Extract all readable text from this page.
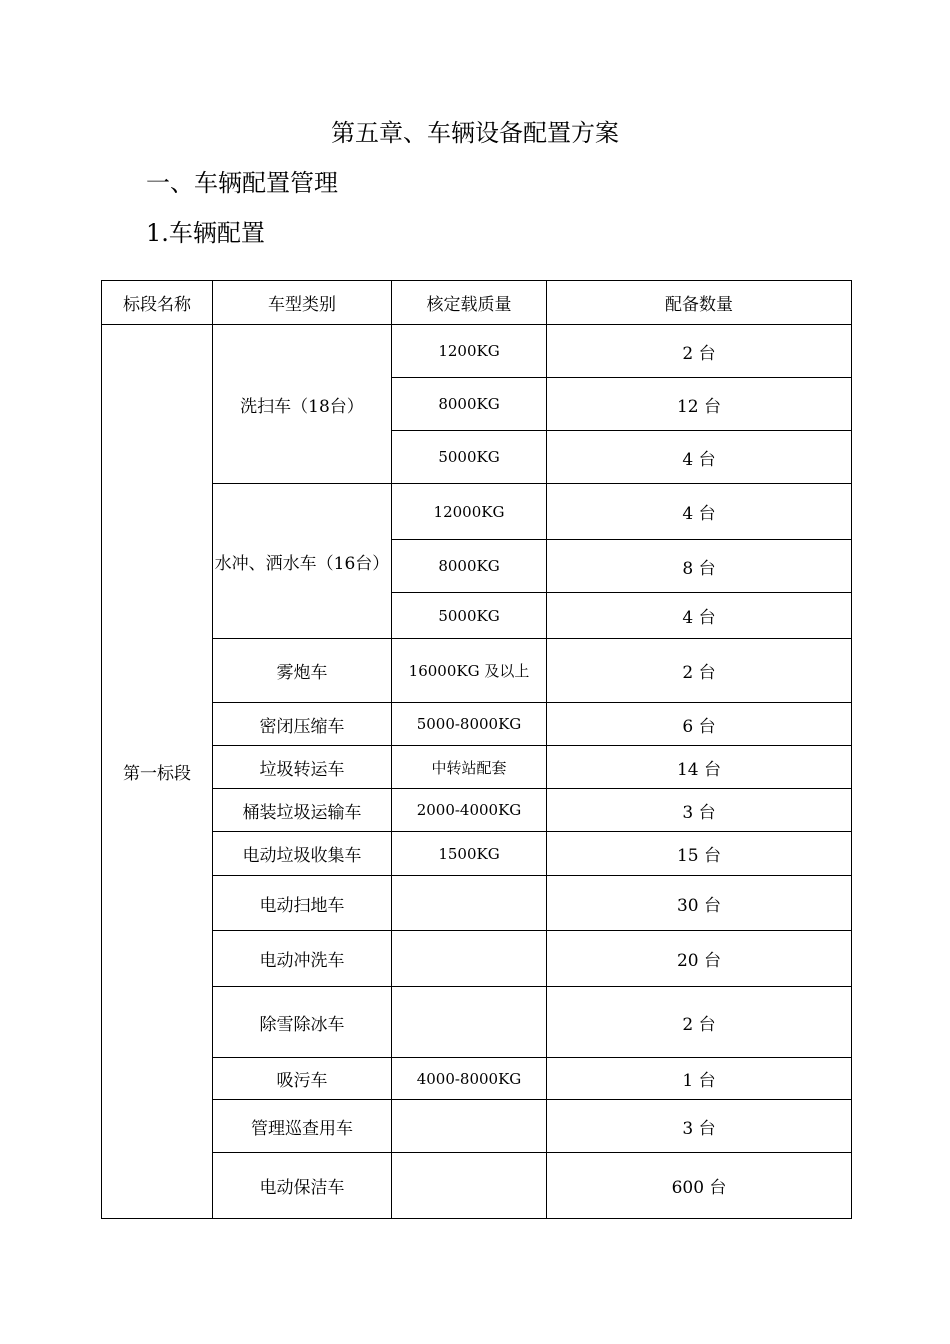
第五章、车辆设备配置方案
一、车辆配置管理
1.车辆配置
标段名称	车型类别	核定载质量	配备数量
第一标段	洗扫车（18台）	1200KG	2 台
		8000KG	12 台
		5000KG	4 台
	水冲、洒水车（16台）	12000KG	4 台
		8000KG	8 台
		5000KG	4 台
	雾炮车	16000KG 及以上	2 台
	密闭压缩车	5000-8000KG	6 台
	垃圾转运车	中转站配套	14 台
	桶装垃圾运输车	2000-4000KG	3 台
	电动垃圾收集车	1500KG	15 台
	电动扫地车		30 台
	电动冲洗车		20 台
	除雪除冰车		2 台
	吸污车	4000-8000KG	1 台
	管理巡查用车		3 台
	电动保洁车		600 台
